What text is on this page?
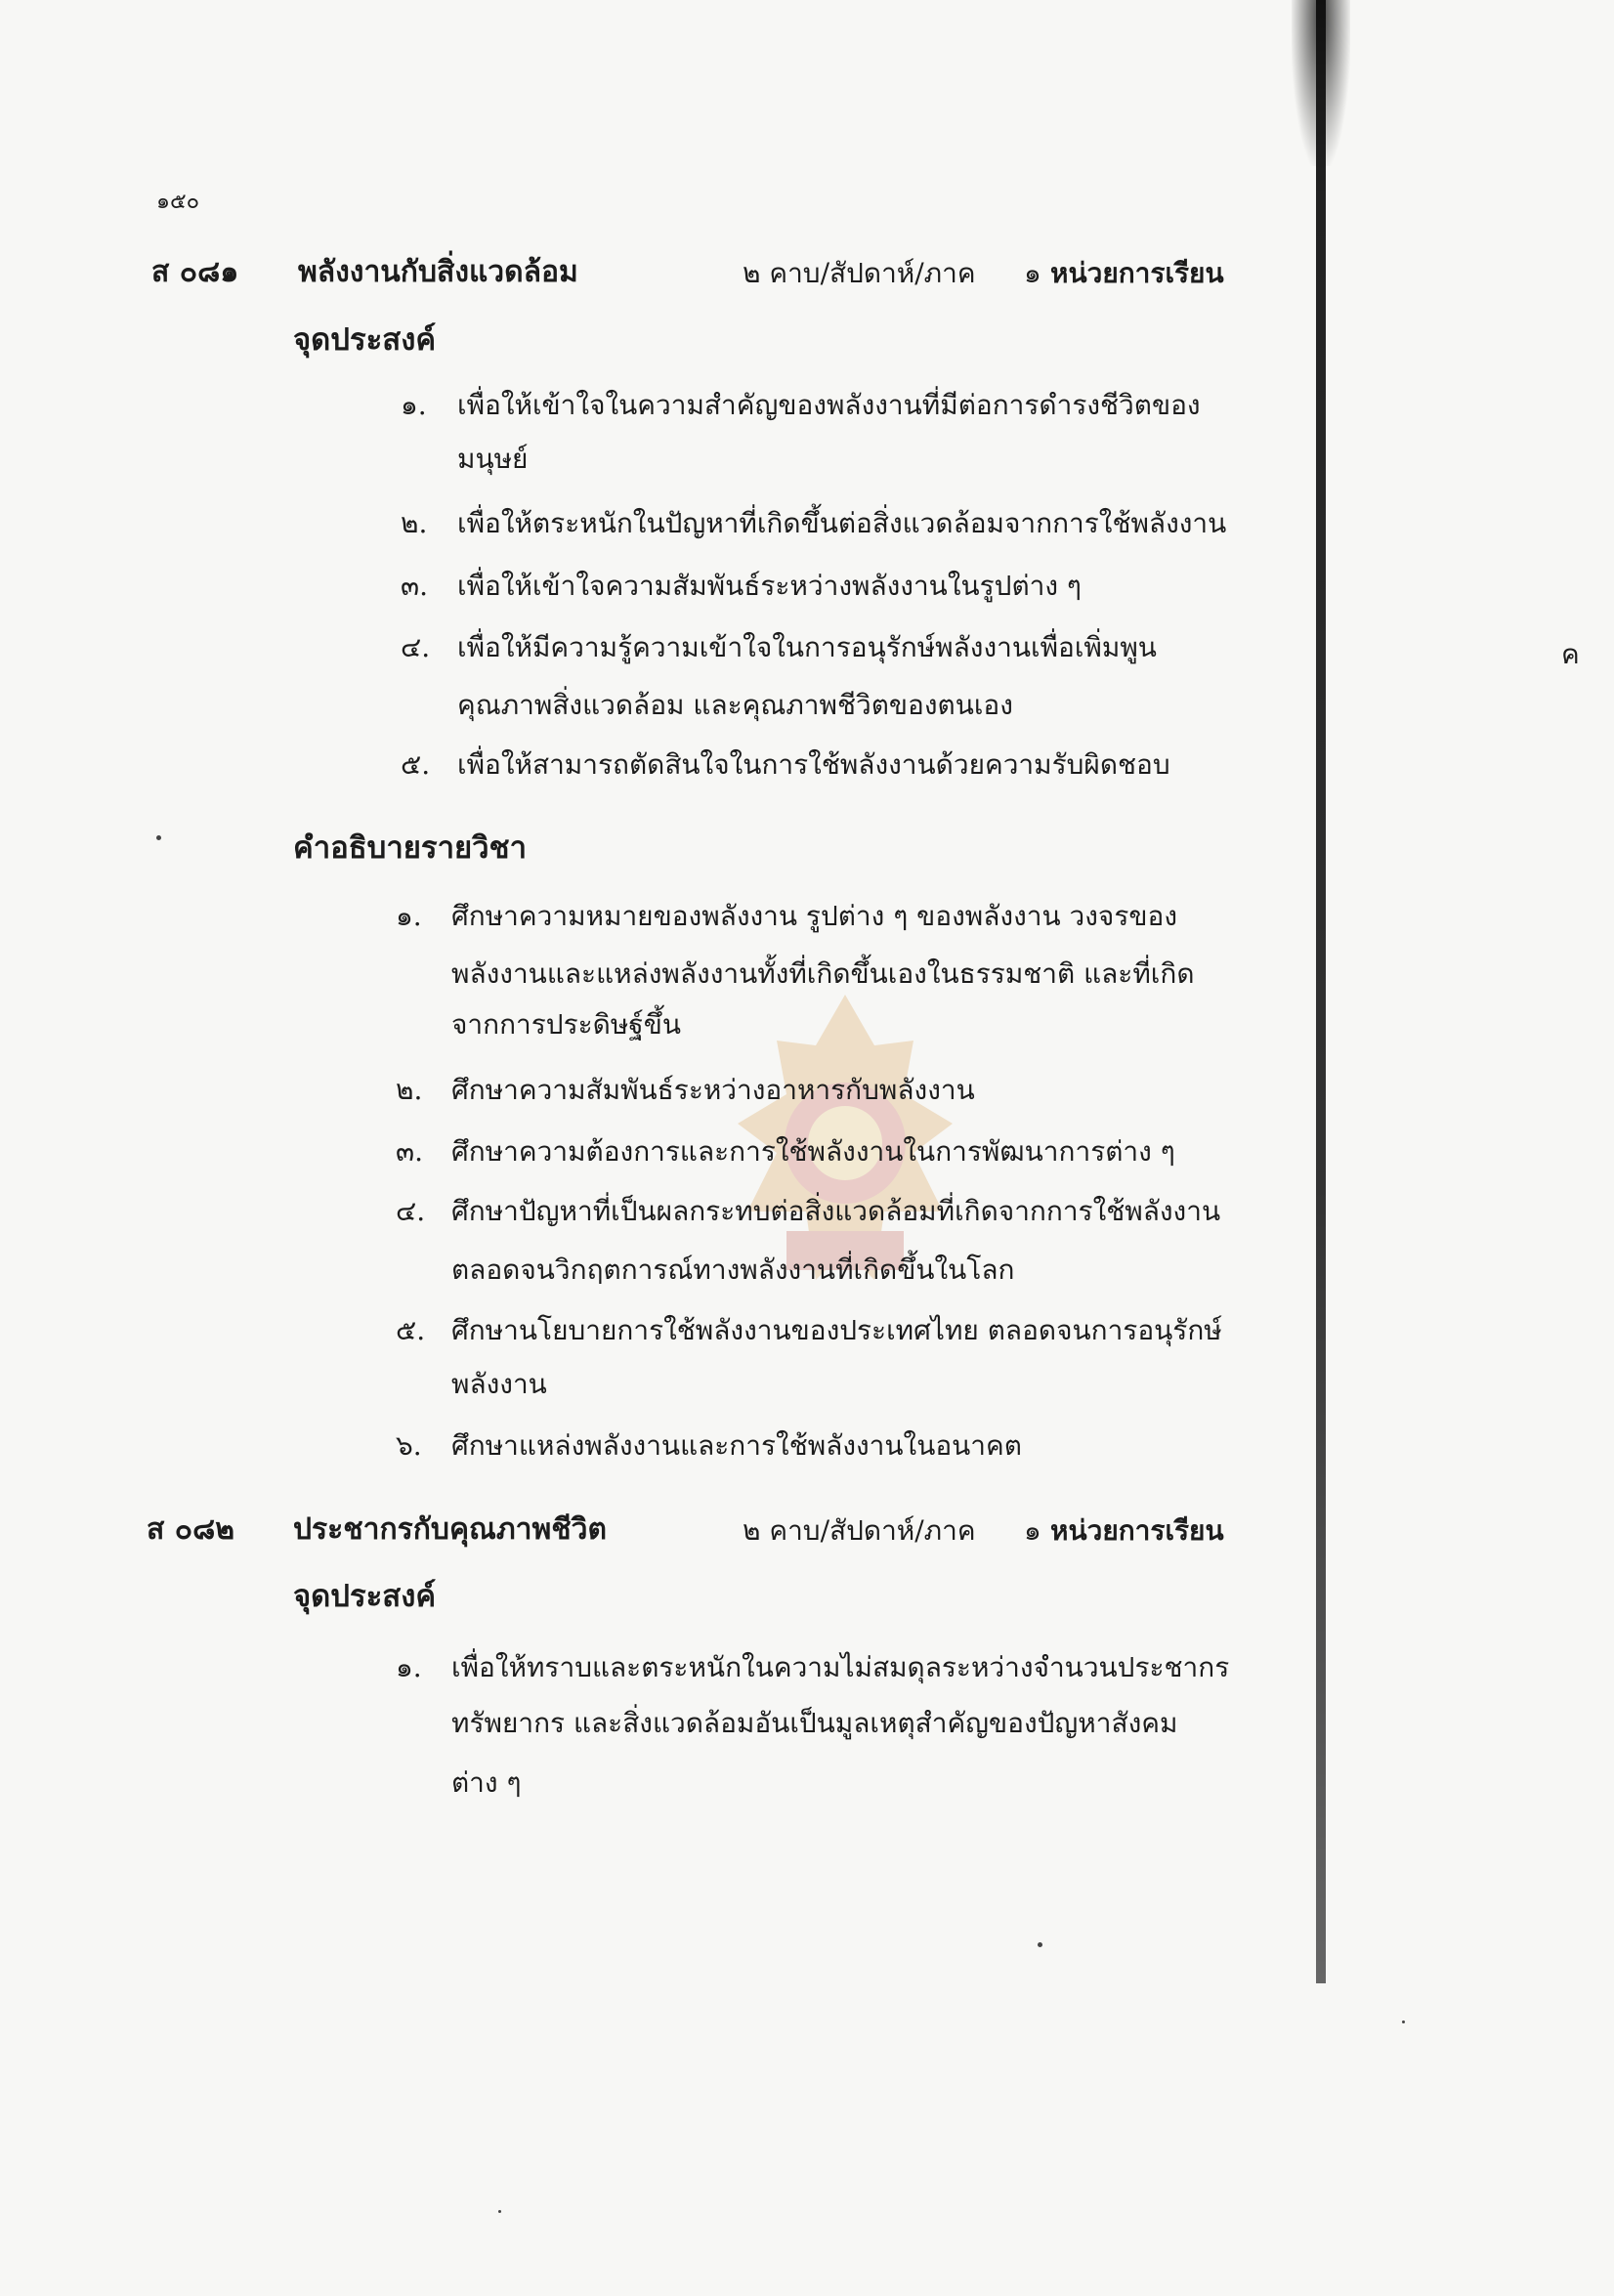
๑๕๐
ค
ส ๐๘๑ พลังงานกับสิ่งแวดล้อม	๒ คาบ/สัปดาห์/ภาค ๑ หน่วยการเรียน
จุดประสงค์
๑. เพื่อให้เข้าใจในความสำคัญของพลังงานที่มีต่อการดำรงชีวิตของ
มนุษย์
๒. เพื่อให้ตระหนักในปัญหาที่เกิดขึ้นต่อสิ่งแวดล้อมจากการใช้พลังงาน
๓. เพื่อให้เข้าใจความสัมพันธ์ระหว่างพลังงานในรูปต่าง ๆ
๔. เพื่อให้มีความรู้ความเข้าใจในการอนุรักษ์พลังงานเพื่อเพิ่มพูน
คุณภาพสิ่งแวดล้อม และคุณภาพชีวิตของตนเอง
๕. เพื่อให้สามารถตัดสินใจในการใช้พลังงานด้วยความรับผิดชอบ
คำอธิบายรายวิชา
๑. ศึกษาความหมายของพลังงาน รูปต่าง ๆ ของพลังงาน วงจรของ
พลังงานและแหล่งพลังงานทั้งที่เกิดขึ้นเองในธรรมชาติ และที่เกิด
จากการประดิษฐ์ขึ้น
๒. ศึกษาความสัมพันธ์ระหว่างอาหารกับพลังงาน
๓. ศึกษาความต้องการและการใช้พลังงานในการพัฒนาการต่าง ๆ
๔. ศึกษาปัญหาที่เป็นผลกระทบต่อสิ่งแวดล้อมที่เกิดจากการใช้พลังงาน
ตลอดจนวิกฤตการณ์ทางพลังงานที่เกิดขึ้นในโลก
๕. ศึกษานโยบายการใช้พลังงานของประเทศไทย ตลอดจนการอนุรักษ์
พลังงาน
๖. ศึกษาแหล่งพลังงานและการใช้พลังงานในอนาคต
ส ๐๘๒ ประชากรกับคุณภาพชีวิต	๒ คาบ/สัปดาห์/ภาค ๑ หน่วยการเรียน
จุดประสงค์
๑. เพื่อให้ทราบและตระหนักในความไม่สมดุลระหว่างจำนวนประชากร
ทรัพยากร และสิ่งแวดล้อมอันเป็นมูลเหตุสำคัญของปัญหาสังคม
ต่าง ๆ
